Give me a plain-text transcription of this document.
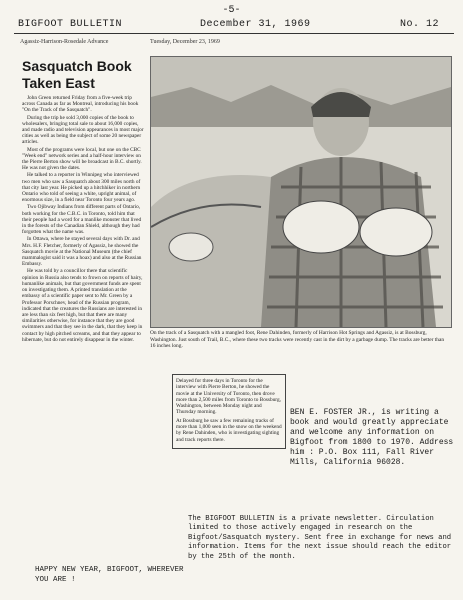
-5-
BIGFOOT BULLETIN	December 31, 1969	No. 12
Agassiz-Harrison-Rosedale Advance	Tuesday, December 23, 1969
Sasquatch Book Taken East

John Green returned Friday from a five-week trip across Canada as far as Montreal, introducing his book "On the Track of the Sasquatch".

During the trip he sold 3,000 copies of the book to wholesalers, bringing total sale to about 16,000 copies, and made radio and television appearances in most major cities as well as being the subject of some 20 newspaper articles.

Most of the programs were local, but one on the CBC "Week end" network series and a half-hour interview on the Pierre Berton show will be broadcast in B.C. shortly. He was not given the dates.

He talked to a reporter in Winnipeg who interviewed two men who saw a Sasquatch about 300 miles north of that city last year. He picked up a hitchhiker in northern Ontario who told of seeing a white, upright animal, of enormous size, in a field near Toronto four years ago.

Two Ojibway Indians from different parts of Ontario, both working for the C.B.C. in Toronto, told him that their people had a word for a manlike monster that lived in the forests of the Canadian Shield, although they had forgotten what the name was.

In Ottawa, where he stayed several days with Dr. and Mrs. H.F. Fletcher, formerly of Agassiz, he showed the Sasquatch movie at the National Museum (the chief mammalogist said it was a hoax) and also at the Russian Embassy.

He was told by a councillor there that scientific opinion in Russia also tends to frown on reports of hairy, humanlike animals, but that government funds are spent on investigating them. A printed translation at the embassy of a scientific paper sent to Mr. Green by a Professor Porschnev, head of the Russian program, indicated that the creatures the Russians are interested in are less than six feet high, but that there are many similarities otherwise, for instance that they are good swimmers and that they see in the dark, that they keep in contact by high pitched screams, and that they appear to hibernate, but do not entirely disappear in the winter.

On the track of a Sasquatch with a mangled foot, Rene Dahinden, formerly of Harrison Hot Springs and Agassiz, is at Bossburg, Washington. Just south of Trail, B.C., where these two tracks were recently cast in the dirt by a garbage dump. The tracks are better than 16 inches long.

Delayed for three days in Toronto for the interview with Pierre Berton, he showed the movie at the University of Toronto, then drove more than 2,500 miles from Toronto to Bossburg, Washington, between Monday night and Thursday morning.

At Bossburg he saw a few remaining tracks of more than 1,000 seen in the snow on the weekend by Rene Dahinden, who is investigating sighting and track reports there.

BEN E. FOSTER JR., is writing a book and would greatly appreciate and welcome any information on Bigfoot from 1800 to 1970. Address him : P.O. Box 111, Fall River Mills, California 96028.
The BIGFOOT BULLETIN is a private newsletter. Circulation limited to those actively engaged in research on the Bigfoot/Sasquatch mystery. Sent free in exchange for news and information. Items for the next issue should reach the editor by the 25th of the month.
HAPPY NEW YEAR, BIGFOOT, WHEREVER YOU ARE !
